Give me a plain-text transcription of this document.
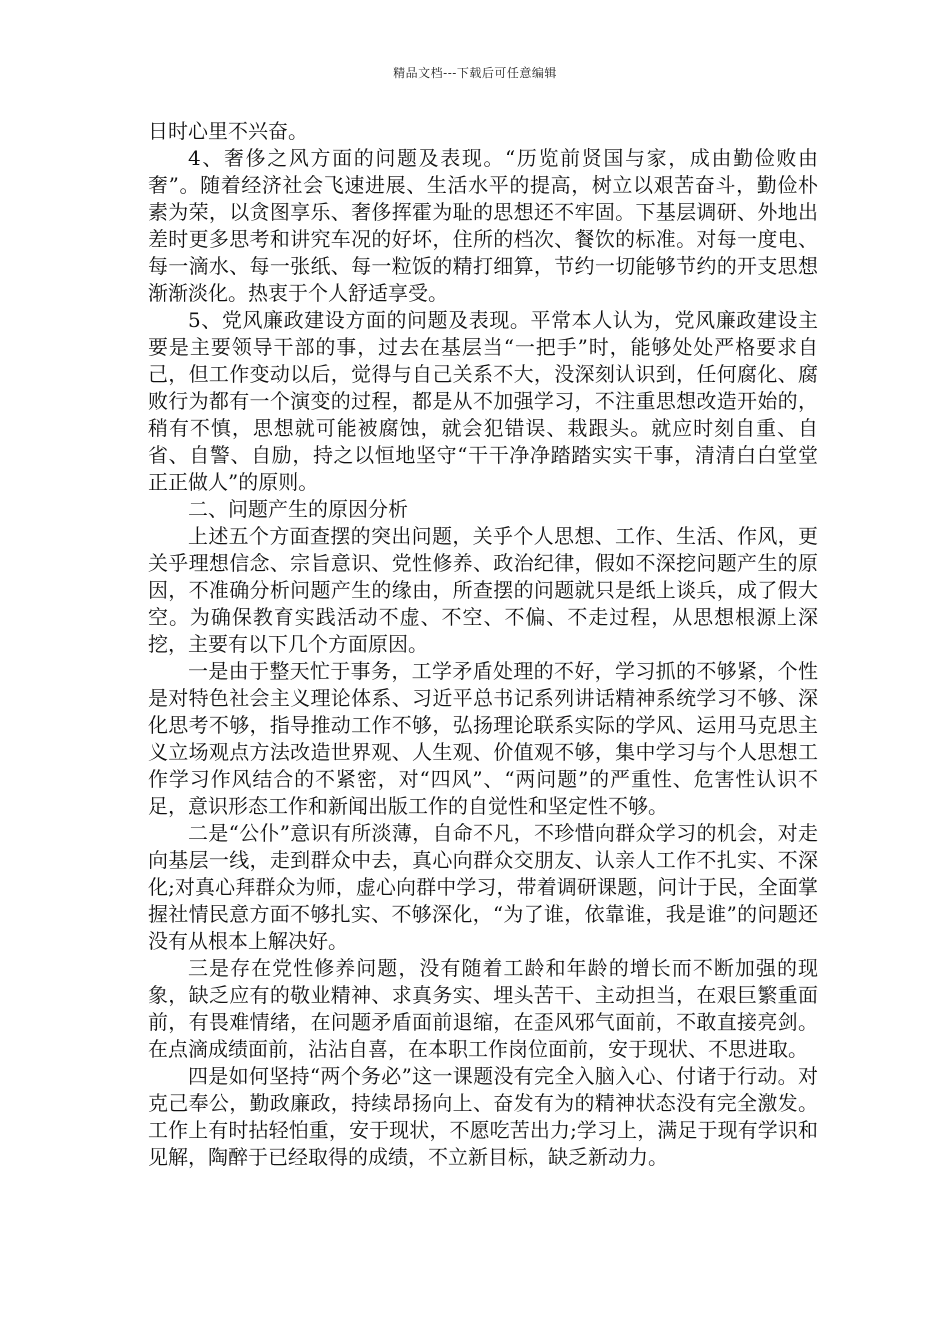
精品文档---下载后可任意编辑

日时心里不兴奋。

4、奢侈之风方面的问题及表现。“历览前贤国与家，成由勤俭败由奢”。随着经济社会飞速进展、生活水平的提高，树立以艰苦奋斗，勤俭朴素为荣，以贪图享乐、奢侈挥霍为耻的思想还不牢固。下基层调研、外地出差时更多思考和讲究车况的好坏，住所的档次、餐饮的标准。对每一度电、每一滴水、每一张纸、每一粒饭的精打细算，节约一切能够节约的开支思想渐渐淡化。热衷于个人舒适享受。

5、党风廉政建设方面的问题及表现。平常本人认为，党风廉政建设主要是主要领导干部的事，过去在基层当“一把手”时，能够处处严格要求自己，但工作变动以后，觉得与自己关系不大，没深刻认识到，任何腐化、腐败行为都有一个演变的过程，都是从不加强学习，不注重思想改造开始的，稍有不慎，思想就可能被腐蚀，就会犯错误、栽跟头。就应时刻自重、自省、自警、自励，持之以恒地坚守“干干净净踏踏实实干事，清清白白堂堂正正做人”的原则。

二、问题产生的原因分析

上述五个方面查摆的突出问题，关乎个人思想、工作、生活、作风，更关乎理想信念、宗旨意识、党性修养、政治纪律，假如不深挖问题产生的原因，不准确分析问题产生的缘由，所查摆的问题就只是纸上谈兵，成了假大空。为确保教育实践活动不虚、不空、不偏、不走过程，从思想根源上深挖，主要有以下几个方面原因。

一是由于整天忙于事务，工学矛盾处理的不好，学习抓的不够紧，个性是对特色社会主义理论体系、习近平总书记系列讲话精神系统学习不够、深化思考不够，指导推动工作不够，弘扬理论联系实际的学风、运用马克思主义立场观点方法改造世界观、人生观、价值观不够，集中学习与个人思想工作学习作风结合的不紧密，对“四风”、“两问题”的严重性、危害性认识不足，意识形态工作和新闻出版工作的自觉性和坚定性不够。

二是“公仆”意识有所淡薄，自命不凡，不珍惜向群众学习的机会，对走向基层一线，走到群众中去，真心向群众交朋友、认亲人工作不扎实、不深化;对真心拜群众为师，虚心向群中学习，带着调研课题，问计于民，全面掌握社情民意方面不够扎实、不够深化，“为了谁，依靠谁，我是谁”的问题还没有从根本上解决好。

三是存在党性修养问题，没有随着工龄和年龄的增长而不断加强的现象，缺乏应有的敬业精神、求真务实、埋头苦干、主动担当，在艰巨繁重面前，有畏难情绪，在问题矛盾面前退缩，在歪风邪气面前，不敢直接亮剑。在点滴成绩面前，沾沾自喜，在本职工作岗位面前，安于现状、不思进取。

四是如何坚持“两个务必”这一课题没有完全入脑入心、付诸于行动。对克己奉公，勤政廉政，持续昂扬向上、奋发有为的精神状态没有完全激发。工作上有时拈轻怕重，安于现状，不愿吃苦出力;学习上，满足于现有学识和见解，陶醉于已经取得的成绩，不立新目标，缺乏新动力。
